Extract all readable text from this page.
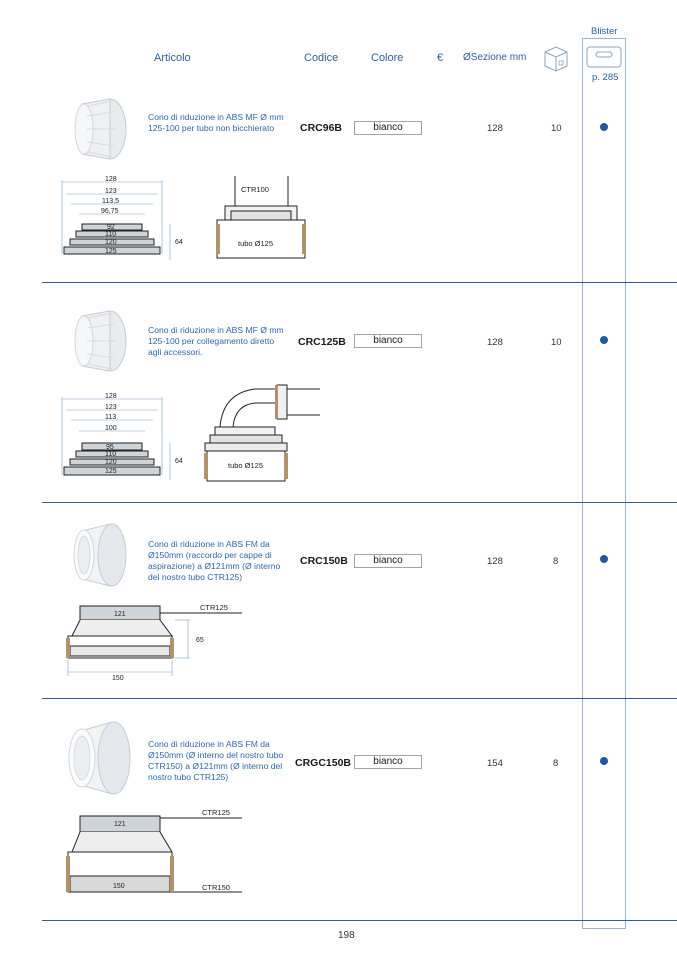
Articolo	Codice	Colore	€ ØSezione mm
Blister
p. 285
Cono di riduzione in ABS MF Ø mm 125-100 per tubo non bicchierato	CRC96B	bianco	128	10
128
123
113,5
96,75
92
110
120
125
64
CTR100
tubo Ø125
Cono di riduzione in ABS MF Ø mm 125-100 per collegamento diretto agli accessori.
CRC125B	bianco	128	10
128
123
113
100
95
110
120
125
64	tubo Ø125
Cono di riduzione in ABS FM da Ø150mm (raccordo per cappe di aspirazione) a Ø121mm (Ø interno del nostro tubo CTR125)
CRC150B	bianco	128	8
121
150
65
CTR125
Cono di riduzione in ABS FM da Ø150mm (Ø interno del nostro tubo CTR150) a Ø121mm (Ø interno del nostro tubo CTR125)
CRGC150B	bianco	154	8
121
150
CTR125
CTR150
198
